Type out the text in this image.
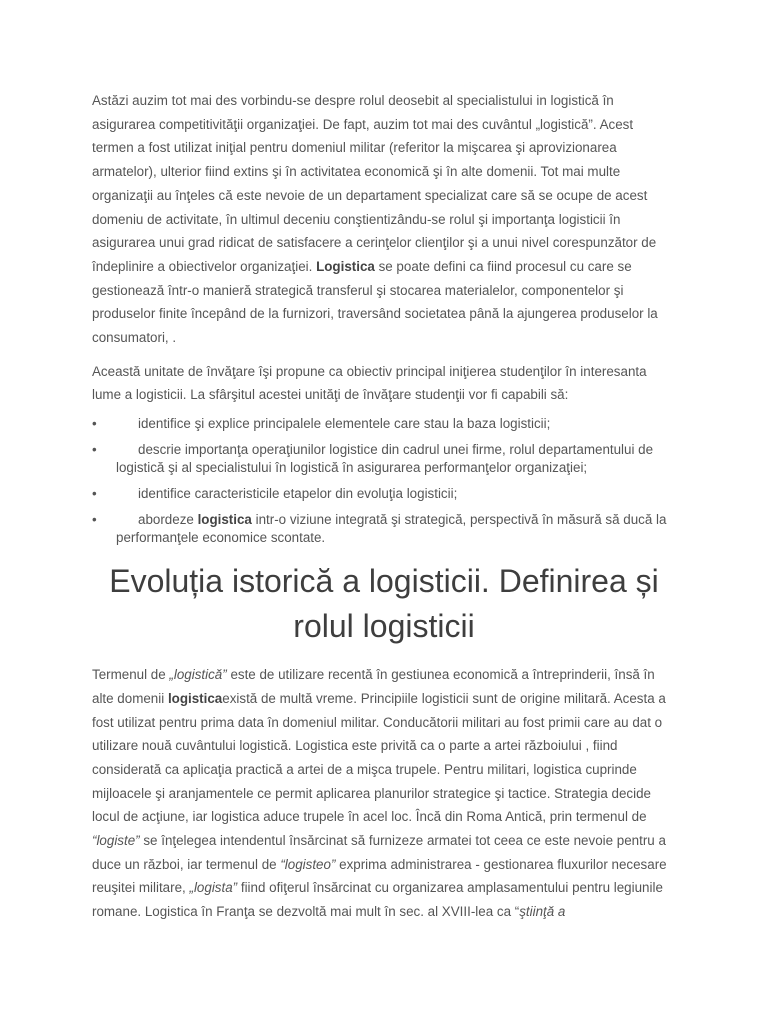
Astăzi auzim tot mai des vorbindu-se despre rolul deosebit al specialistului in logistică în asigurarea competitivităţii organizaţiei. De fapt, auzim tot mai des cuvântul „logistică”. Acest termen a fost utilizat iniţial pentru domeniul militar (referitor la mişcarea şi aprovizionarea armatelor), ulterior fiind extins şi în activitatea economică şi în alte domenii. Tot mai multe organizaţii au înţeles că este nevoie de un departament specializat care să se ocupe de acest domeniu de activitate, în ultimul deceniu conştientizându-se rolul şi importanţa logisticii în asigurarea unui grad ridicat de satisfacere a cerinţelor clienţilor şi a unui nivel corespunzător de îndeplinire a obiectivelor organizaţiei. Logistica se poate defini ca fiind procesul cu care se gestionează într-o manieră strategică transferul şi stocarea materialelor, componentelor şi produselor finite începând de la furnizori, traversând societatea până la ajungerea produselor la consumatori, .

Această unitate de învăţare îşi propune ca obiectiv principal iniţierea studenţilor în interesanta lume a logisticii. La sfârşitul acestei unităţi de învăţare studenţii vor fi capabili să:

•	identifice şi explice principalele elementele care stau la baza logisticii;
•	descrie importanţa operaţiunilor logistice din cadrul unei firme, rolul departamentului de logistică şi al specialistului în logistică în asigurarea performanţelor organizaţiei;
•	identifice caracteristicile etapelor din evoluţia logisticii;
•	abordeze logistica intr-o viziune integrată şi strategică, perspectivă în măsură să ducă la performanţele economice scontate.
Evoluția istorică a logisticii. Definirea și rolul logisticii

Termenul de „logistică” este de utilizare recentă în gestiunea economică a întreprinderii, însă în alte domenii logisticaexistă de multă vreme. Principiile logisticii sunt de origine militară. Acesta a fost utilizat pentru prima data în domeniul militar. Conducătorii militari au fost primii care au dat o utilizare nouă cuvântului logistică. Logistica este privită ca o parte a artei războiului , fiind considerată ca aplicaţia practică a artei de a mişca trupele. Pentru militari, logistica cuprinde mijloacele şi aranjamentele ce permit aplicarea planurilor strategice şi tactice. Strategia decide locul de acţiune, iar logistica aduce trupele în acel loc. Încă din Roma Antică, prin termenul de “logiste” se înţelegea intendentul însărcinat să furnizeze armatei tot ceea ce este nevoie pentru a duce un război, iar termenul de “logisteo” exprima administrarea - gestionarea fluxurilor necesare reuşitei militare, „logista” fiind ofiţerul însărcinat cu organizarea amplasamentului pentru legiunile romane. Logistica în Franţa se dezvoltă mai mult în sec. al XVIII-lea ca “ştiinţă a
